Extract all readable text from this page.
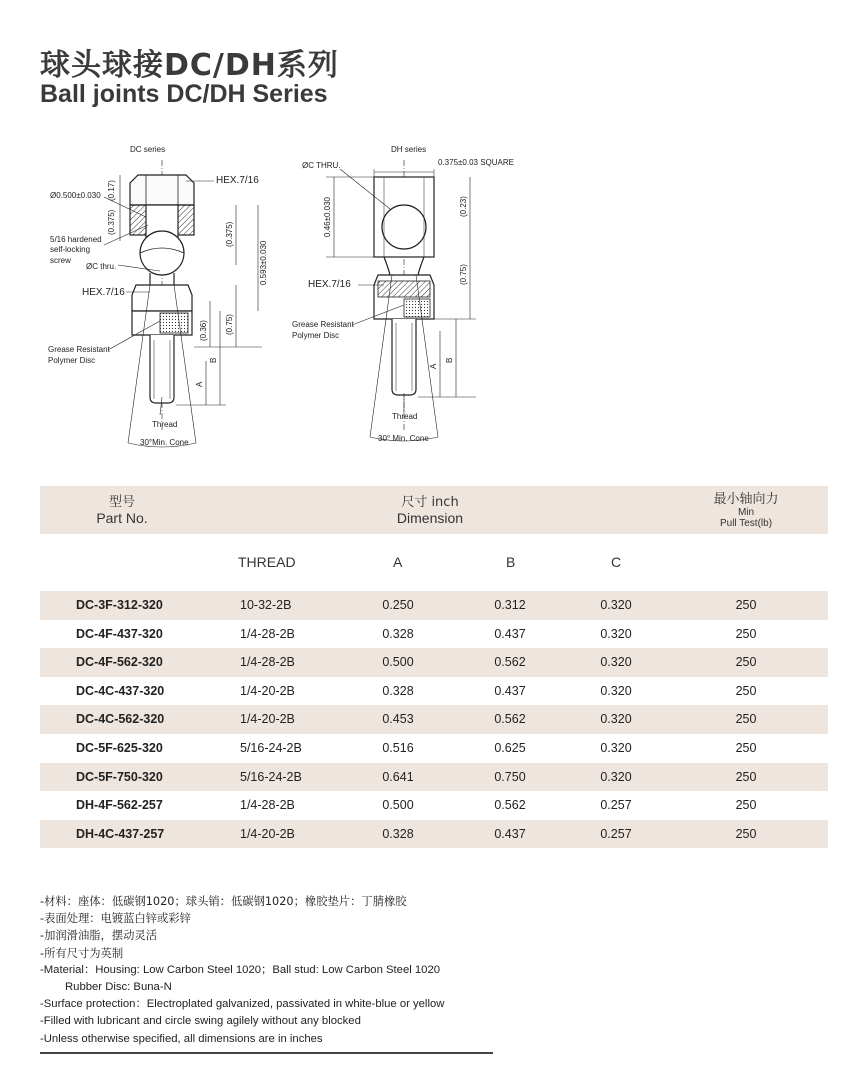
球头球接DC/DH系列
Ball joints DC/DH Series
DC series
HEX.7/16
Ø0.500±0.030 (0.17)
(0.375)
5/16 hardened
self-locking
screw
ØC thru.
(0.375)
0.593±0.030
HEX.7/16
(0.75)
(0.36)
Grease Resistant
Polymer Disc	B
A
Thread
30°Min. Cone
DH series
ØC THRU.	0.375±0.03 SQUARE
0.46±0.030	(0.23)
(0.75)
HEX.7/16
Grease Resistant
Polymer Disc
B
A
Thread
30° Min. Cone
型号
Part No.
尺寸 inch
Dimension
最小轴向力
Min
Pull Test(lb)
THREAD	A	B	C
DC-3F-312-320	10-32-2B	0.250	0.312	0.320	250
DC-4F-437-320	1/4-28-2B	0.328	0.437	0.320	250
DC-4F-562-320	1/4-28-2B	0.500	0.562	0.320	250
DC-4C-437-320	1/4-20-2B	0.328	0.437	0.320	250
DC-4C-562-320	1/4-20-2B	0.453	0.562	0.320	250
DC-5F-625-320	5/16-24-2B	0.516	0.625	0.320	250
DC-5F-750-320	5/16-24-2B	0.641	0.750	0.320	250
DH-4F-562-257	1/4-28-2B	0.500	0.562	0.257	250
DH-4C-437-257	1/4-20-2B	0.328	0.437	0.257	250
-材料：座体：低碳钢1020；球头销：低碳钢1020；橡胶垫片：丁腈橡胶
-表面处理：电镀蓝白锌或彩锌
-加润滑油脂，摆动灵活
-所有尺寸为英制
-Material：Housing: Low Carbon Steel 1020；Ball stud: Low Carbon Steel 1020
Rubber Disc: Buna-N
-Surface protection：Electroplated galvanized, passivated in white-blue or yellow
-Filled with lubricant and circle swing agilely without any blocked
-Unless otherwise specified, all dimensions are in inches
